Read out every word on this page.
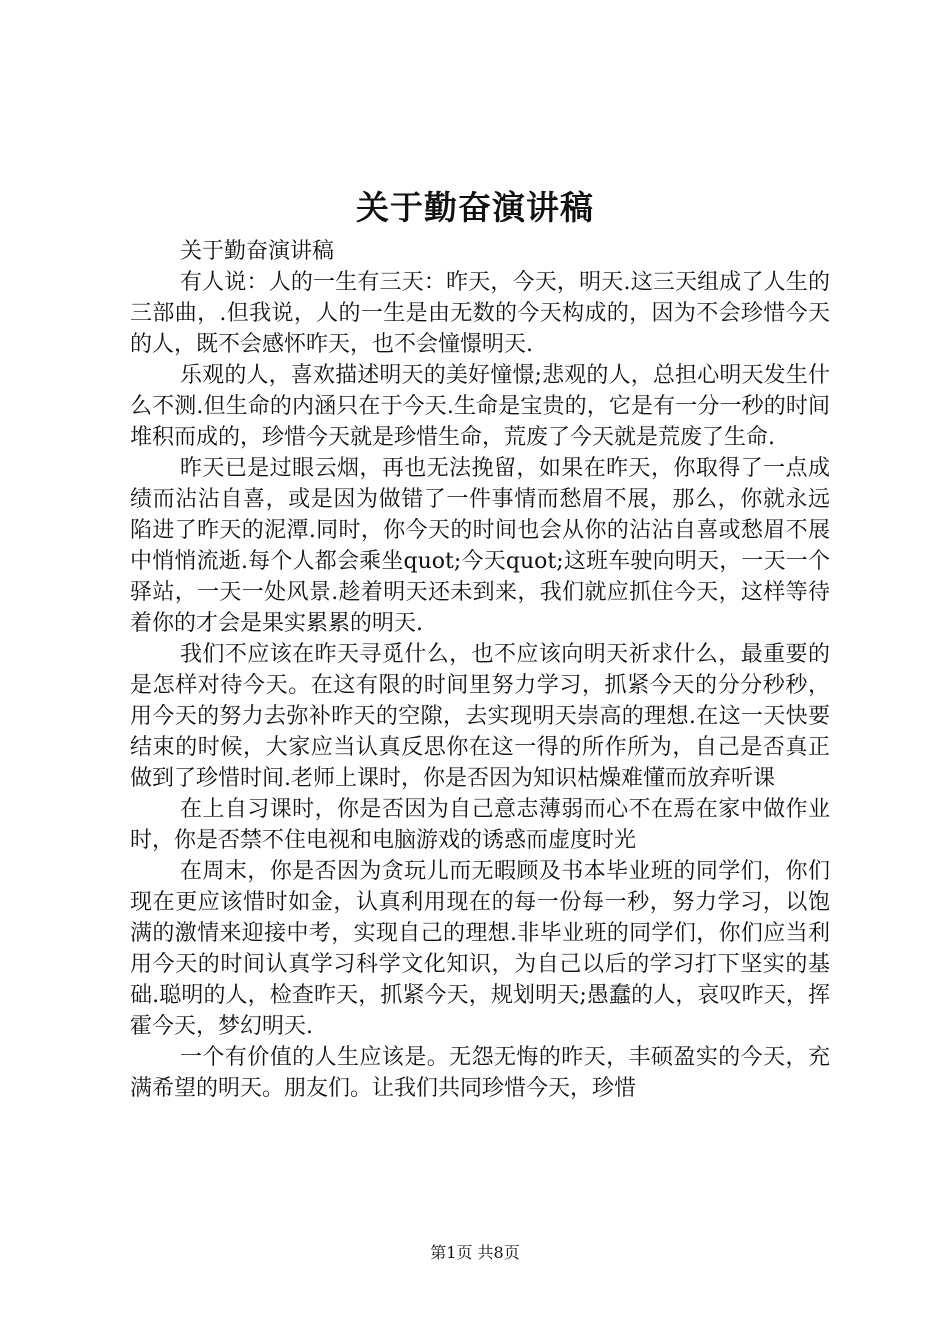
关于勤奋演讲稿

关于勤奋演讲稿

有人说：人的一生有三天：昨天，今天，明天.这三天组成了人生的三部曲，.但我说，人的一生是由无数的今天构成的，因为不会珍惜今天的人，既不会感怀昨天，也不会憧憬明天.

乐观的人，喜欢描述明天的美好憧憬;悲观的人，总担心明天发生什么不测.但生命的内涵只在于今天.生命是宝贵的，它是有一分一秒的时间堆积而成的，珍惜今天就是珍惜生命，荒废了今天就是荒废了生命.

昨天已是过眼云烟，再也无法挽留，如果在昨天，你取得了一点成绩而沾沾自喜，或是因为做错了一件事情而愁眉不展，那么，你就永远陷进了昨天的泥潭.同时，你今天的时间也会从你的沾沾自喜或愁眉不展中悄悄流逝.每个人都会乘坐quot;今天quot;这班车驶向明天，一天一个驿站，一天一处风景.趁着明天还未到来，我们就应抓住今天，这样等待着你的才会是果实累累的明天.

我们不应该在昨天寻觅什么，也不应该向明天祈求什么，最重要的是怎样对待今天。在这有限的时间里努力学习，抓紧今天的分分秒秒，用今天的努力去弥补昨天的空隙，去实现明天崇高的理想.在这一天快要结束的时候，大家应当认真反思你在这一得的所作所为，自己是否真正做到了珍惜时间.老师上课时，你是否因为知识枯燥难懂而放弃听课

在上自习课时，你是否因为自己意志薄弱而心不在焉在家中做作业时，你是否禁不住电视和电脑游戏的诱惑而虚度时光

在周末，你是否因为贪玩儿而无暇顾及书本毕业班的同学们，你们现在更应该惜时如金，认真利用现在的每一份每一秒，努力学习，以饱满的激情来迎接中考，实现自己的理想.非毕业班的同学们，你们应当利用今天的时间认真学习科学文化知识，为自己以后的学习打下坚实的基础.聪明的人，检查昨天，抓紧今天，规划明天;愚蠢的人，哀叹昨天，挥霍今天，梦幻明天.

一个有价值的人生应该是。无怨无悔的昨天，丰硕盈实的今天，充满希望的明天。朋友们。让我们共同珍惜今天，珍惜

第1页 共8页
